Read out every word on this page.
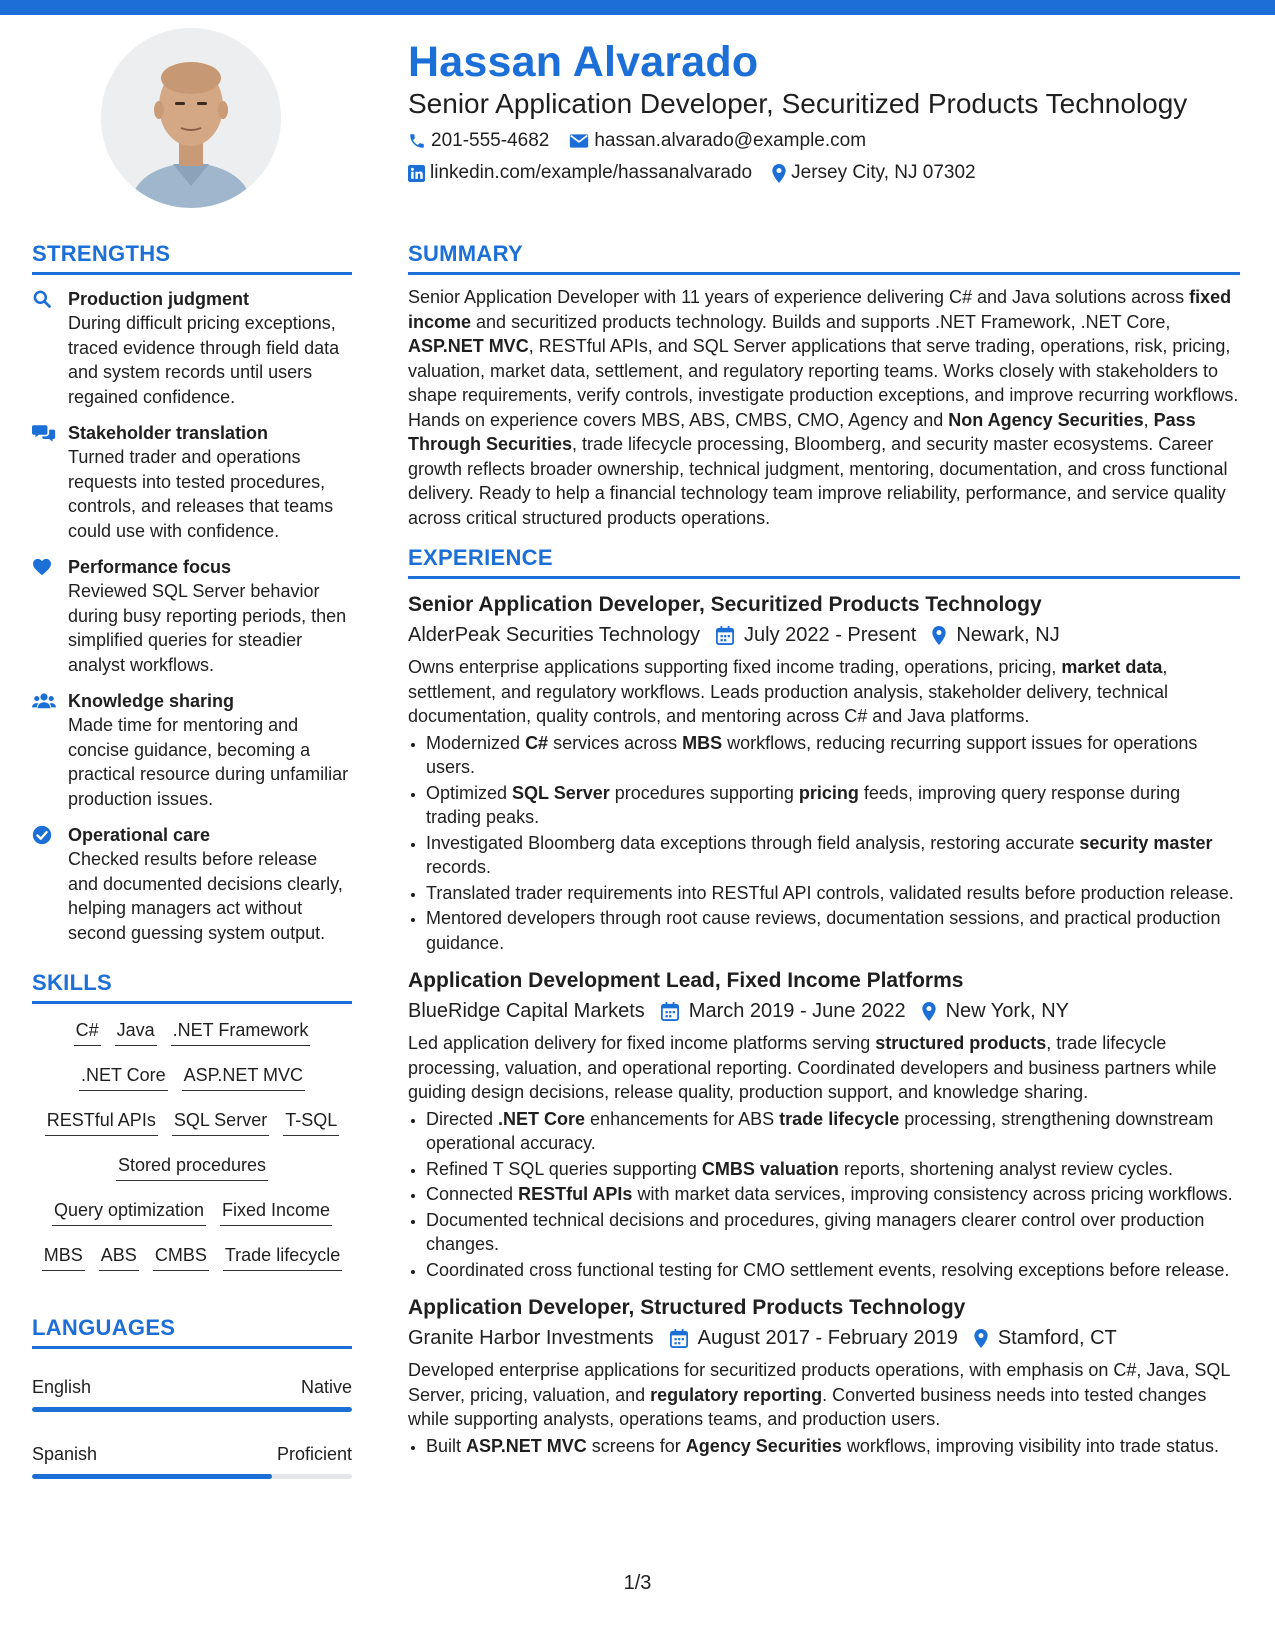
Hassan Alvarado
Senior Application Developer, Securitized Products Technology
201-555-4682 hassan.alvarado@example.com
linkedin.com/example/hassanalvarado Jersey City, NJ 07302
STRENGTHS
Production judgment
During difficult pricing exceptions, traced evidence through field data and system records until users regained confidence.
Stakeholder translation
Turned trader and operations requests into tested procedures, controls, and releases that teams could use with confidence.
Performance focus
Reviewed SQL Server behavior during busy reporting periods, then simplified queries for steadier analyst workflows.
Knowledge sharing
Made time for mentoring and concise guidance, becoming a practical resource during unfamiliar production issues.
Operational care
Checked results before release and documented decisions clearly, helping managers act without second guessing system output.
SKILLS
C# Java .NET Framework
.NET Core ASP.NET MVC
RESTful APIs SQL Server T-SQL
Stored procedures
Query optimization Fixed Income
MBS ABS CMBS Trade lifecycle
LANGUAGES
English	Native
Spanish	Proficient
SUMMARY
Senior Application Developer with 11 years of experience delivering C# and Java solutions across fixed income and securitized products technology. Builds and supports .NET Framework, .NET Core, ASP.NET MVC, RESTful APIs, and SQL Server applications that serve trading, operations, risk, pricing, valuation, market data, settlement, and regulatory reporting teams. Works closely with stakeholders to shape requirements, verify controls, investigate production exceptions, and improve recurring workflows. Hands on experience covers MBS, ABS, CMBS, CMO, Agency and Non Agency Securities, Pass Through Securities, trade lifecycle processing, Bloomberg, and security master ecosystems. Career growth reflects broader ownership, technical judgment, mentoring, documentation, and cross functional delivery. Ready to help a financial technology team improve reliability, performance, and service quality across critical structured products operations.
EXPERIENCE
Senior Application Developer, Securitized Products Technology
AlderPeak Securities Technology July 2022 - Present Newark, NJ
Owns enterprise applications supporting fixed income trading, operations, pricing, market data, settlement, and regulatory workflows. Leads production analysis, stakeholder delivery, technical documentation, quality controls, and mentoring across C# and Java platforms.
• Modernized C# services across MBS workflows, reducing recurring support issues for operations users.
• Optimized SQL Server procedures supporting pricing feeds, improving query response during trading peaks.
• Investigated Bloomberg data exceptions through field analysis, restoring accurate security master records.
• Translated trader requirements into RESTful API controls, validated results before production release.
• Mentored developers through root cause reviews, documentation sessions, and practical production guidance.
Application Development Lead, Fixed Income Platforms
BlueRidge Capital Markets March 2019 - June 2022 New York, NY
Led application delivery for fixed income platforms serving structured products, trade lifecycle processing, valuation, and operational reporting. Coordinated developers and business partners while guiding design decisions, release quality, production support, and knowledge sharing.
• Directed .NET Core enhancements for ABS trade lifecycle processing, strengthening downstream operational accuracy.
• Refined T SQL queries supporting CMBS valuation reports, shortening analyst review cycles.
• Connected RESTful APIs with market data services, improving consistency across pricing workflows.
• Documented technical decisions and procedures, giving managers clearer control over production changes.
• Coordinated cross functional testing for CMO settlement events, resolving exceptions before release.
Application Developer, Structured Products Technology
Granite Harbor Investments August 2017 - February 2019 Stamford, CT
Developed enterprise applications for securitized products operations, with emphasis on C#, Java, SQL Server, pricing, valuation, and regulatory reporting. Converted business needs into tested changes while supporting analysts, operations teams, and production users.
• Built ASP.NET MVC screens for Agency Securities workflows, improving visibility into trade status.
1/3
